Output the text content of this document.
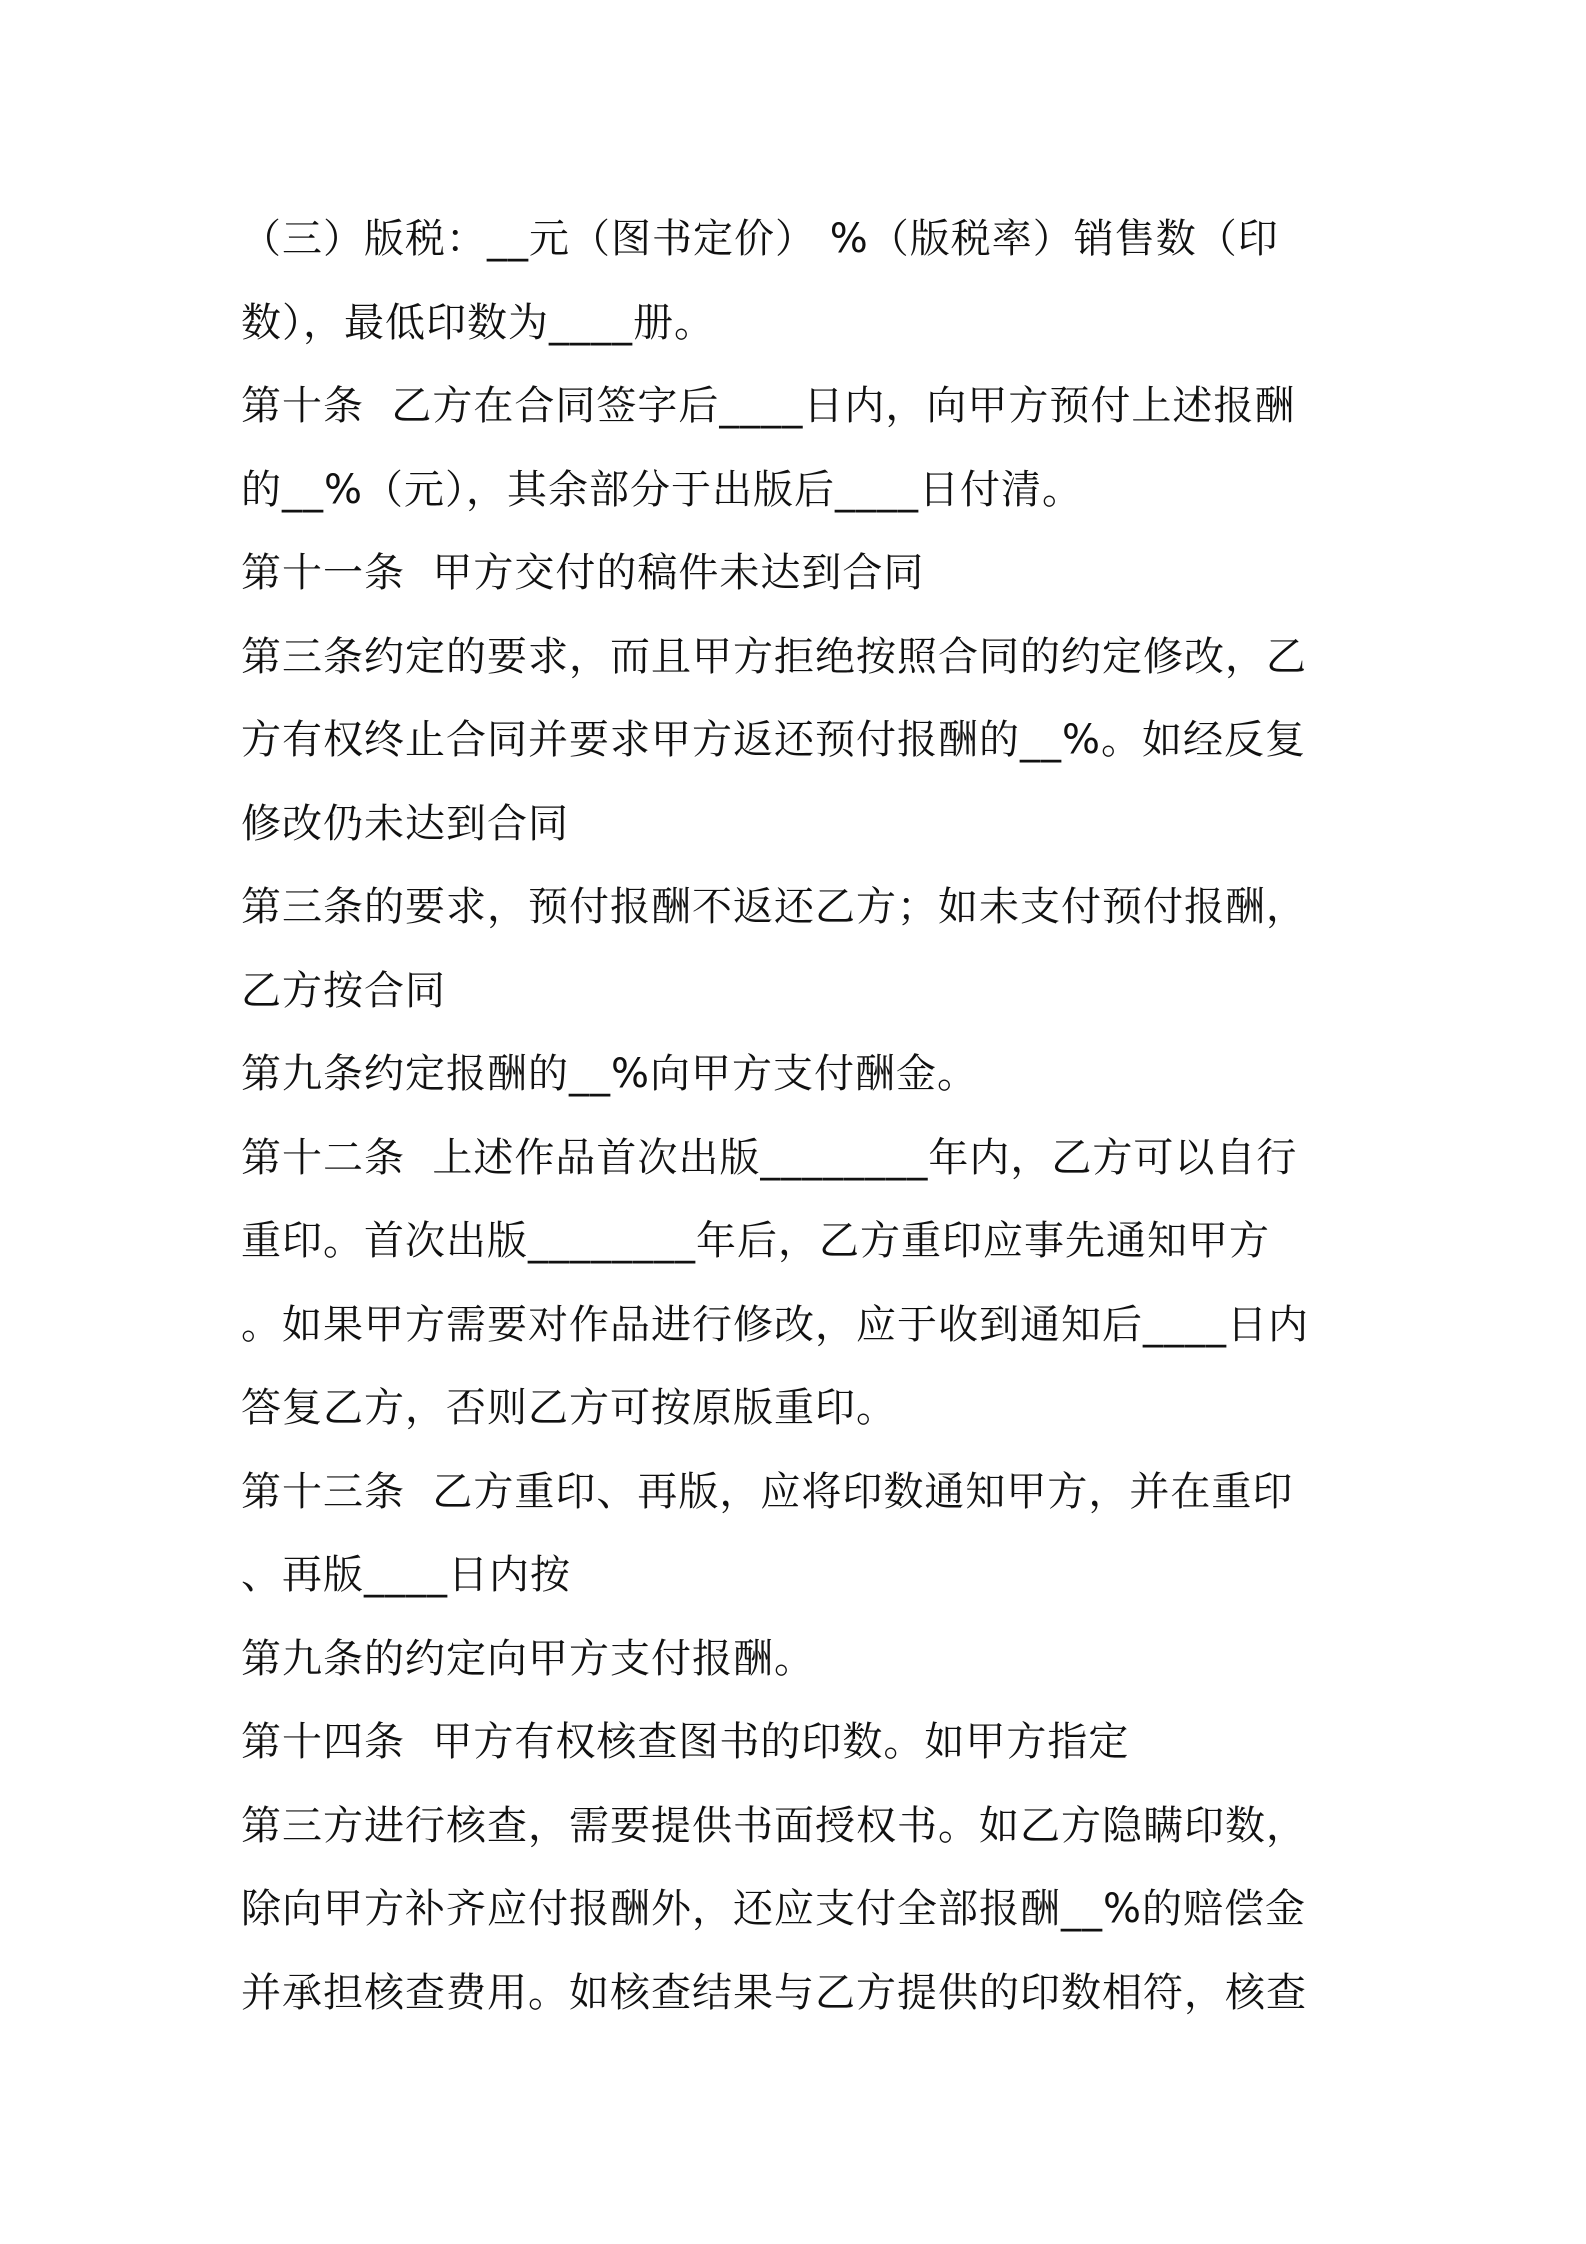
（三）版税：__元（图书定价） %（版税率）销售数（印
数），最低印数为____册。
第十条  乙方在合同签字后____日内，向甲方预付上述报酬
的__%（元），其余部分于出版后____日付清。
第十一条  甲方交付的稿件未达到合同
第三条约定的要求，而且甲方拒绝按照合同的约定修改，乙
方有权终止合同并要求甲方返还预付报酬的__%。如经反复
修改仍未达到合同
第三条的要求，预付报酬不返还乙方；如未支付预付报酬，
乙方按合同
第九条约定报酬的__%向甲方支付酬金。
第十二条  上述作品首次出版________年内，乙方可以自行
重印。首次出版________年后，乙方重印应事先通知甲方
。如果甲方需要对作品进行修改，应于收到通知后____日内
答复乙方，否则乙方可按原版重印。
第十三条  乙方重印、再版，应将印数通知甲方，并在重印
、再版____日内按
第九条的约定向甲方支付报酬。
第十四条  甲方有权核查图书的印数。如甲方指定
第三方进行核查，需要提供书面授权书。如乙方隐瞒印数，
除向甲方补齐应付报酬外，还应支付全部报酬__%的赔偿金
并承担核查费用。如核查结果与乙方提供的印数相符，核查
